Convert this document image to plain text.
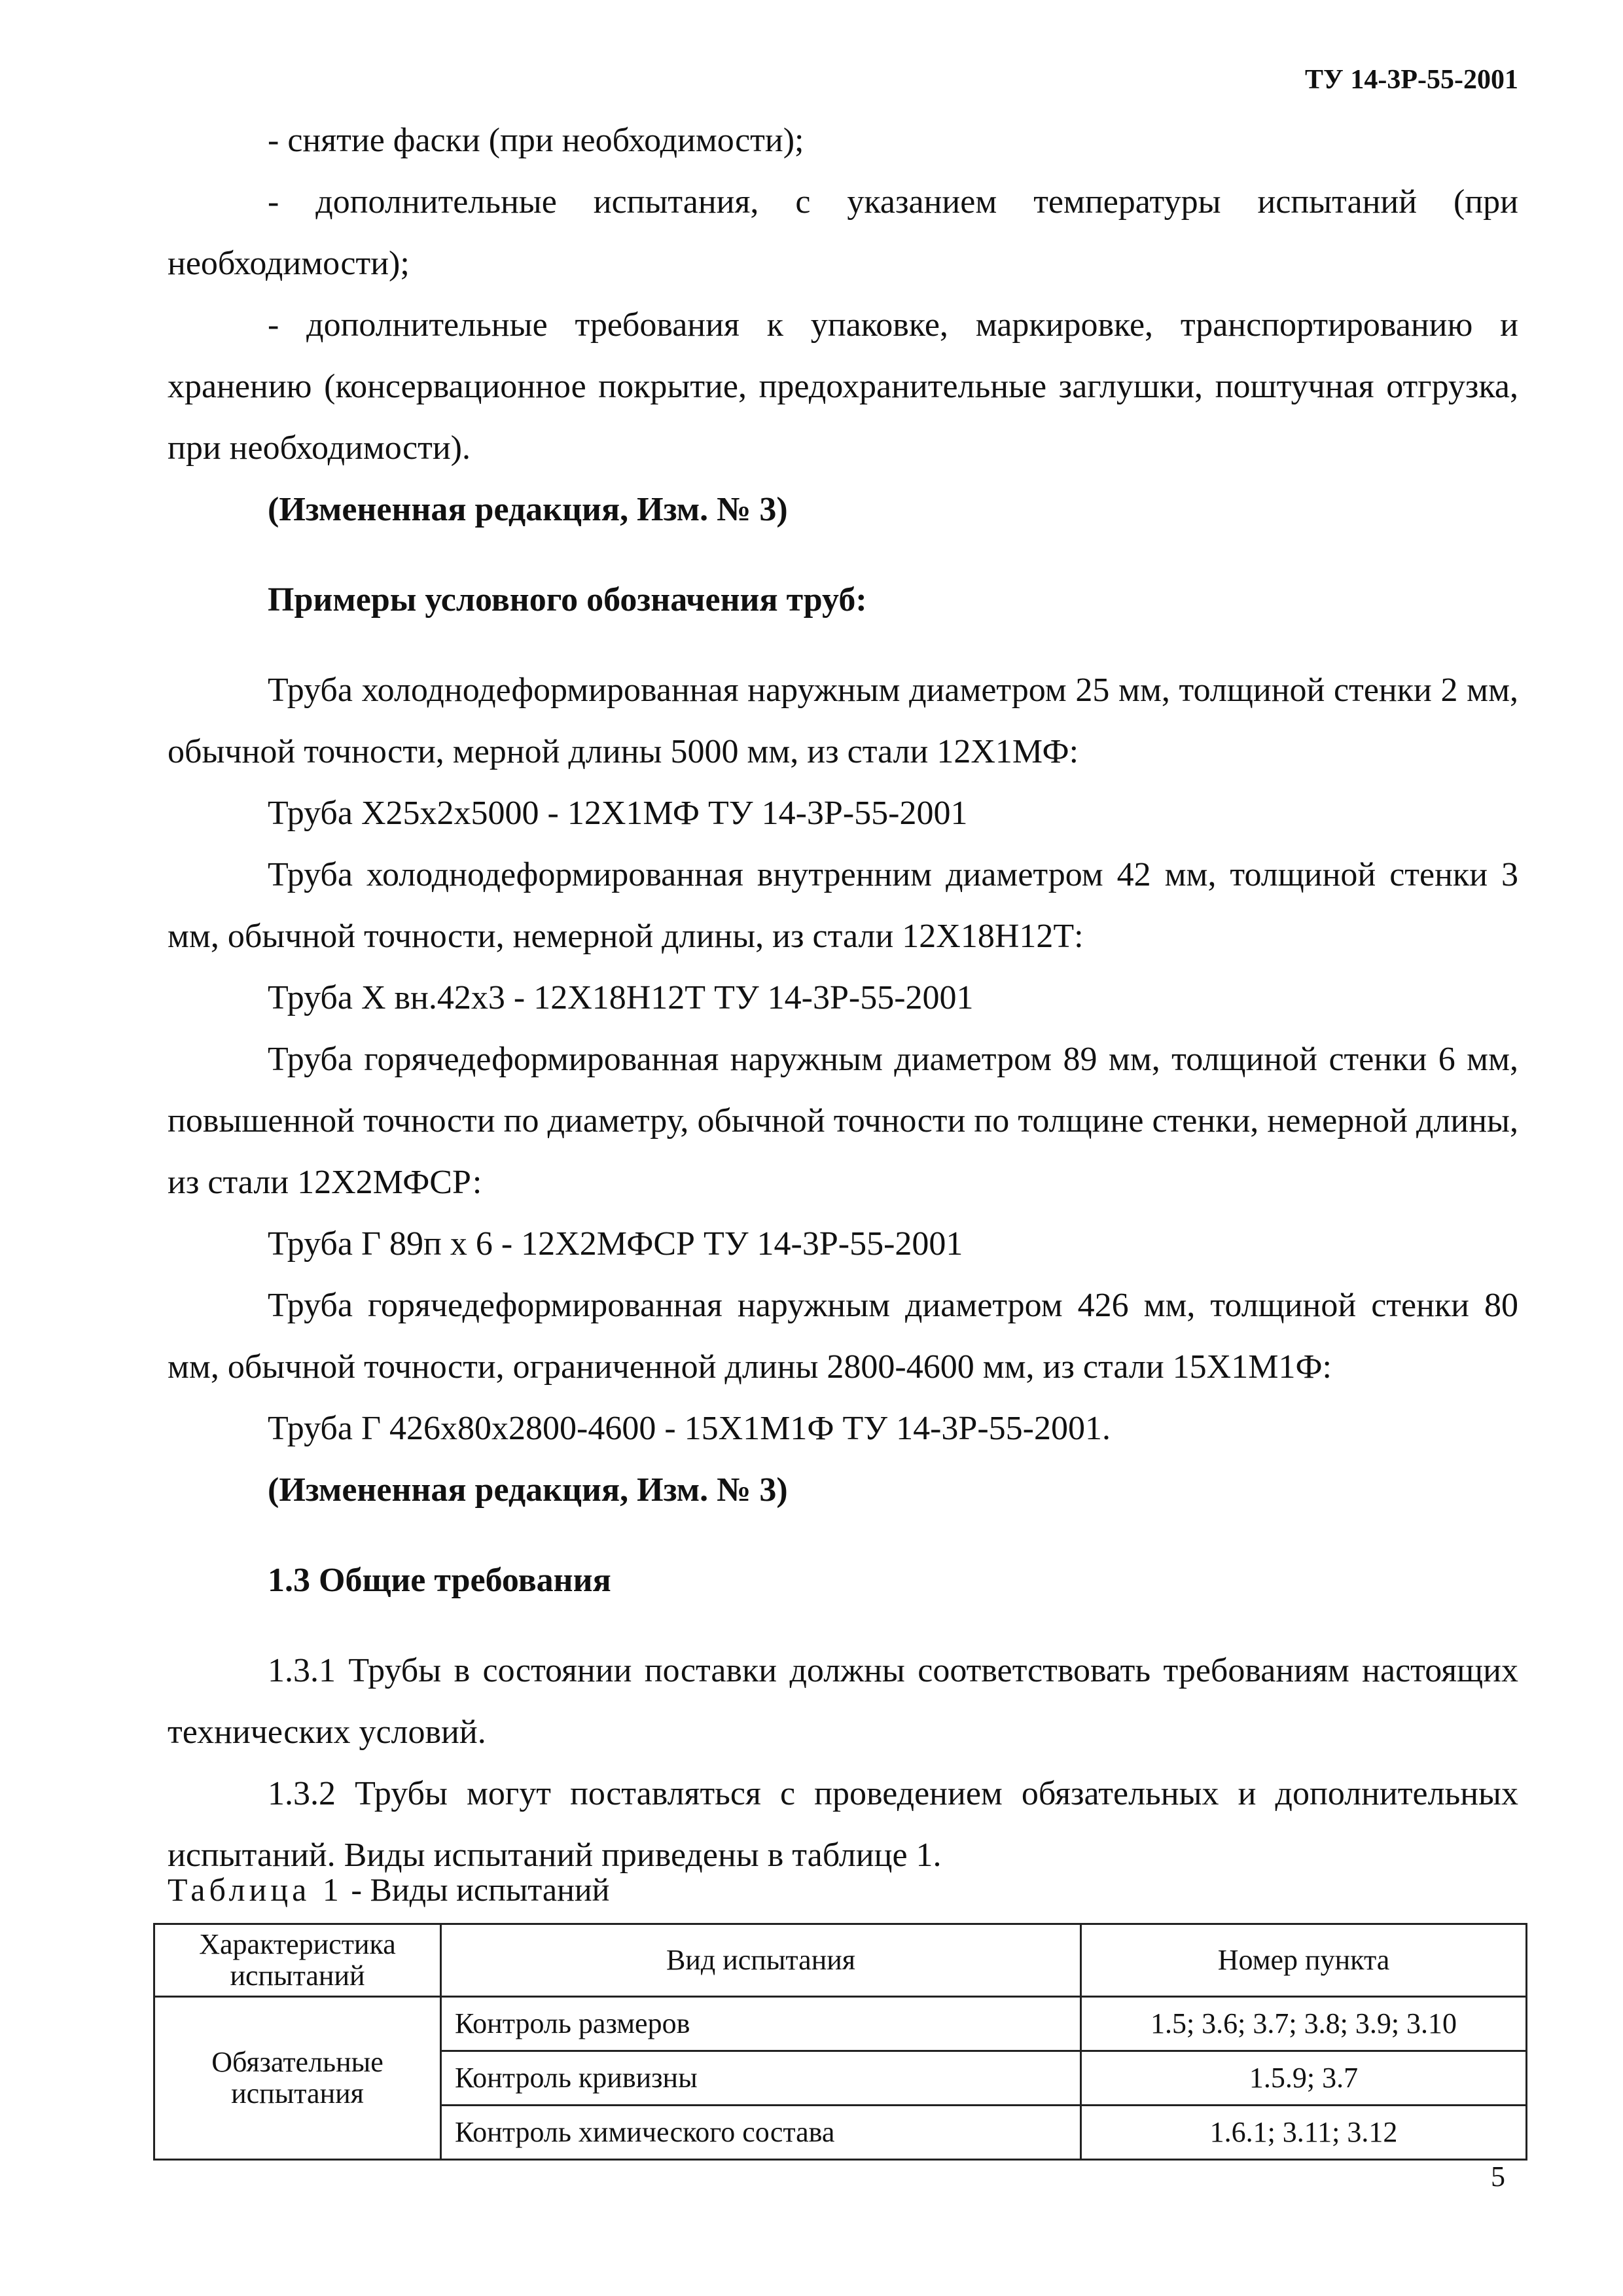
ТУ 14-3Р-55-2001

- снятие фаски (при необходимости);

- дополнительные испытания, с указанием температуры испытаний (при необходимости);

- дополнительные требования к упаковке, маркировке, транспортированию и хранению (консервационное покрытие, предохранительные заглушки, поштучная отгрузка, при необходимости).

(Измененная редакция, Изм. № 3)

Примеры условного обозначения труб:

Труба холоднодеформированная наружным диаметром 25 мм, толщиной стенки 2 мм, обычной точности, мерной длины 5000 мм, из стали 12Х1МФ:

Труба Х25х2х5000 - 12Х1МФ ТУ 14-3Р-55-2001

Труба холоднодеформированная внутренним диаметром 42 мм, толщиной стенки 3 мм, обычной точности, немерной длины, из стали 12Х18Н12Т:

Труба Х вн.42х3 - 12Х18Н12Т ТУ 14-3Р-55-2001

Труба горячедеформированная наружным диаметром 89 мм, толщиной стенки 6 мм, повышенной точности по диаметру, обычной точности по толщине стенки, немерной длины, из стали 12Х2МФСР:

Труба Г 89п х 6 - 12Х2МФСР ТУ 14-3Р-55-2001

Труба горячедеформированная наружным диаметром 426 мм, толщиной стенки 80 мм, обычной точности, ограниченной длины 2800-4600 мм, из стали 15Х1М1Ф:

Труба Г 426х80х2800-4600 - 15Х1М1Ф ТУ 14-3Р-55-2001.

(Измененная редакция, Изм. № 3)

1.3 Общие требования

1.3.1 Трубы в состоянии поставки должны соответствовать требованиям настоящих технических условий.

1.3.2 Трубы могут поставляться с проведением обязательных и дополнительных испытаний. Виды испытаний приведены в таблице 1.

Таблица 1 - Виды испытаний
Характеристика испытаний	Вид испытания	Номер пункта
Обязательные испытания	Контроль размеров	1.5; 3.6; 3.7; 3.8; 3.9; 3.10
	Контроль кривизны	1.5.9; 3.7
	Контроль химического состава	1.6.1; 3.11; 3.12
5
